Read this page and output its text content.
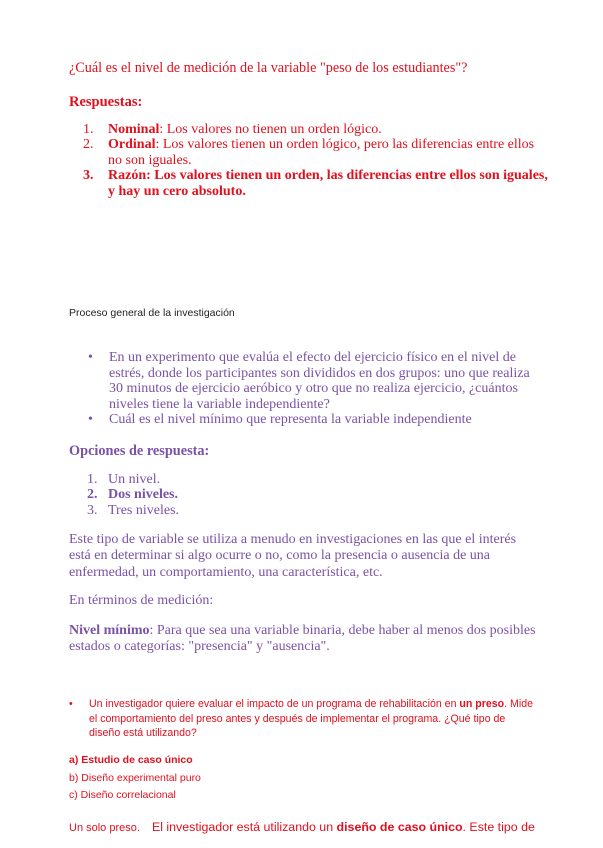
¿Cuál es el nivel de medición de la variable "peso de los estudiantes"?

Respuestas:

1. Nominal: Los valores no tienen un orden lógico.
2. Ordinal: Los valores tienen un orden lógico, pero las diferencias entre ellos no son iguales.
3. Razón: Los valores tienen un orden, las diferencias entre ellos son iguales, y hay un cero absoluto.

Proceso general de la investigación

• En un experimento que evalúa el efecto del ejercicio físico en el nivel de estrés, donde los participantes son divididos en dos grupos: uno que realiza 30 minutos de ejercicio aeróbico y otro que no realiza ejercicio, ¿cuántos niveles tiene la variable independiente?
• Cuál es el nivel mínimo que representa la variable independiente

Opciones de respuesta:

1. Un nivel.
2. Dos niveles.
3. Tres niveles.

Este tipo de variable se utiliza a menudo en investigaciones en las que el interés está en determinar si algo ocurre o no, como la presencia o ausencia de una enfermedad, un comportamiento, una característica, etc.

En términos de medición:

Nivel mínimo: Para que sea una variable binaria, debe haber al menos dos posibles estados o categorías: "presencia" y "ausencia".

• Un investigador quiere evaluar el impacto de un programa de rehabilitación en un preso. Mide el comportamiento del preso antes y después de implementar el programa. ¿Qué tipo de diseño está utilizando?

a) Estudio de caso único

b) Diseño experimental puro

c) Diseño correlacional

Un solo preso. El investigador está utilizando un diseño de caso único. Este tipo de
